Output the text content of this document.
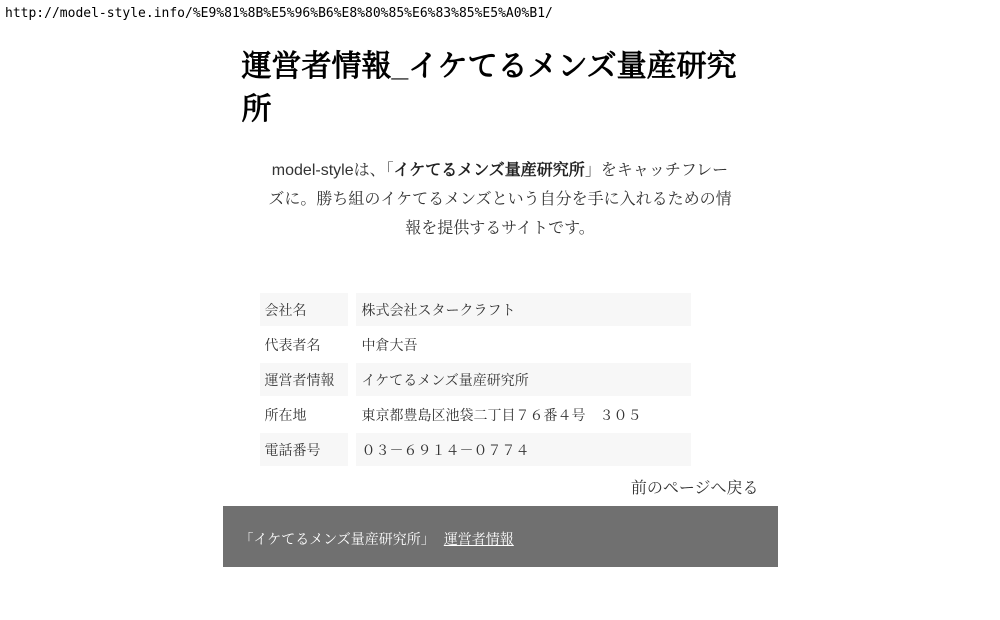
http://model-style.info/%E9%81%8B%E5%96%B6%E8%80%85%E6%83%85%E5%A0%B1/
運営者情報_イケてるメンズ量産研究所

model-styleは、「イケてるメンズ量産研究所」をキャッチフレー
ズに。勝ち組のイケてるメンズという自分を手に入れるための情
報を提供するサイトです。

会社名	株式会社スタークラフト
代表者名	中倉大吾
運営者情報	イケてるメンズ量産研究所
所在地	東京都豊島区池袋二丁目７６番４号　３０５
電話番号	０３－６９１４－０７７４
前のページへ戻る
「イケてるメンズ量産研究所」 運営者情報
